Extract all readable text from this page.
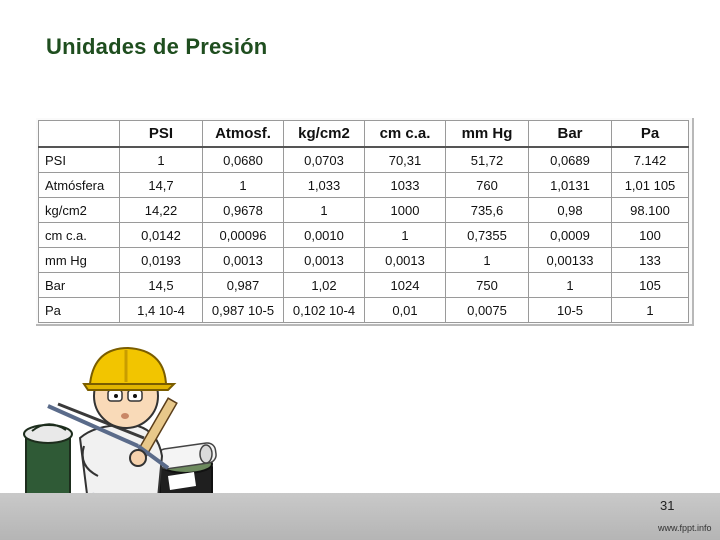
Unidades de Presión
	PSI	Atmosf.	kg/cm2	cm c.a.	mm Hg	Bar	Pa
PSI	1	0,0680	0,0703	70,31	51,72	0,0689	7.142
Atmósfera	14,7	1	1,033	1033	760	1,0131	1,01 105
kg/cm2	14,22	0,9678	1	1000	735,6	0,98	98.100
cm c.a.	0,0142	0,00096	0,0010	1	0,7355	0,0009	100
mm Hg	0,0193	0,0013	0,0013	0,0013	1	0,00133	133
Bar	14,5	0,987	1,02	1024	750	1	105
Pa	1,4 10-4	0,987 10-5	0,102 10-4	0,01	0,0075	10-5	1
31
www.fppt.info
